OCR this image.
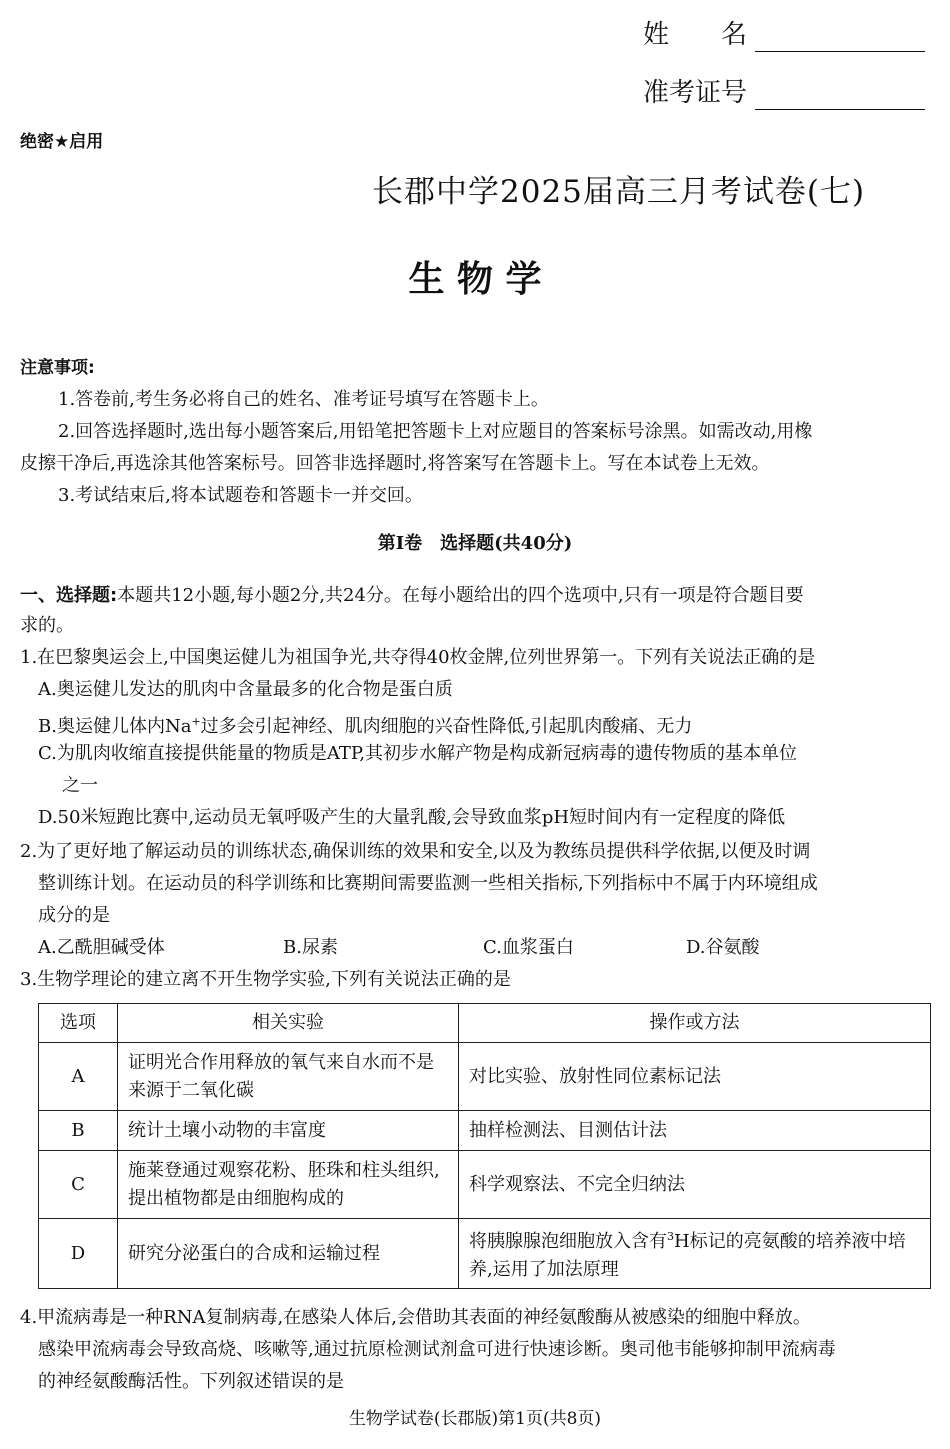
姓　　名
准考证号
绝密★启用
长郡中学2025届高三月考试卷(七)
生 物 学
注意事项:
1.答卷前,考生务必将自己的姓名、准考证号填写在答题卡上。
2.回答选择题时,选出每小题答案后,用铅笔把答题卡上对应题目的答案标号涂黑。如需改动,用橡
皮擦干净后,再选涂其他答案标号。回答非选择题时,将答案写在答题卡上。写在本试卷上无效。
3.考试结束后,将本试题卷和答题卡一并交回。
第Ⅰ卷　选择题(共40分)
一、选择题:本题共12小题,每小题2分,共24分。在每小题给出的四个选项中,只有一项是符合题目要
求的。
1.在巴黎奥运会上,中国奥运健儿为祖国争光,共夺得40枚金牌,位列世界第一。下列有关说法正确的是
A.奥运健儿发达的肌肉中含量最多的化合物是蛋白质
B.奥运健儿体内Na+过多会引起神经、肌肉细胞的兴奋性降低,引起肌肉酸痛、无力
C.为肌肉收缩直接提供能量的物质是ATP,其初步水解产物是构成新冠病毒的遗传物质的基本单位
之一
D.50米短跑比赛中,运动员无氧呼吸产生的大量乳酸,会导致血浆pH短时间内有一定程度的降低
2.为了更好地了解运动员的训练状态,确保训练的效果和安全,以及为教练员提供科学依据,以便及时调
整训练计划。在运动员的科学训练和比赛期间需要监测一些相关指标,下列指标中不属于内环境组成
成分的是
A.乙酰胆碱受体	B.尿素	C.血浆蛋白	D.谷氨酸
3.生物学理论的建立离不开生物学实验,下列有关说法正确的是
选项	相关实验	操作或方法
A	证明光合作用释放的氧气来自水而不是来源于二氧化碳	对比实验、放射性同位素标记法
B	统计土壤小动物的丰富度	抽样检测法、目测估计法
C	施莱登通过观察花粉、胚珠和柱头组织,提出植物都是由细胞构成的	科学观察法、不完全归纳法
D	研究分泌蛋白的合成和运输过程	将胰腺腺泡细胞放入含有$^3$H标记的亮氨酸的培养液中培养,运用了加法原理
4.甲流病毒是一种RNA复制病毒,在感染人体后,会借助其表面的神经氨酸酶从被感染的细胞中释放。
感染甲流病毒会导致高烧、咳嗽等,通过抗原检测试剂盒可进行快速诊断。奥司他韦能够抑制甲流病毒
的神经氨酸酶活性。下列叙述错误的是
生物学试卷(长郡版)第1页(共8页)
